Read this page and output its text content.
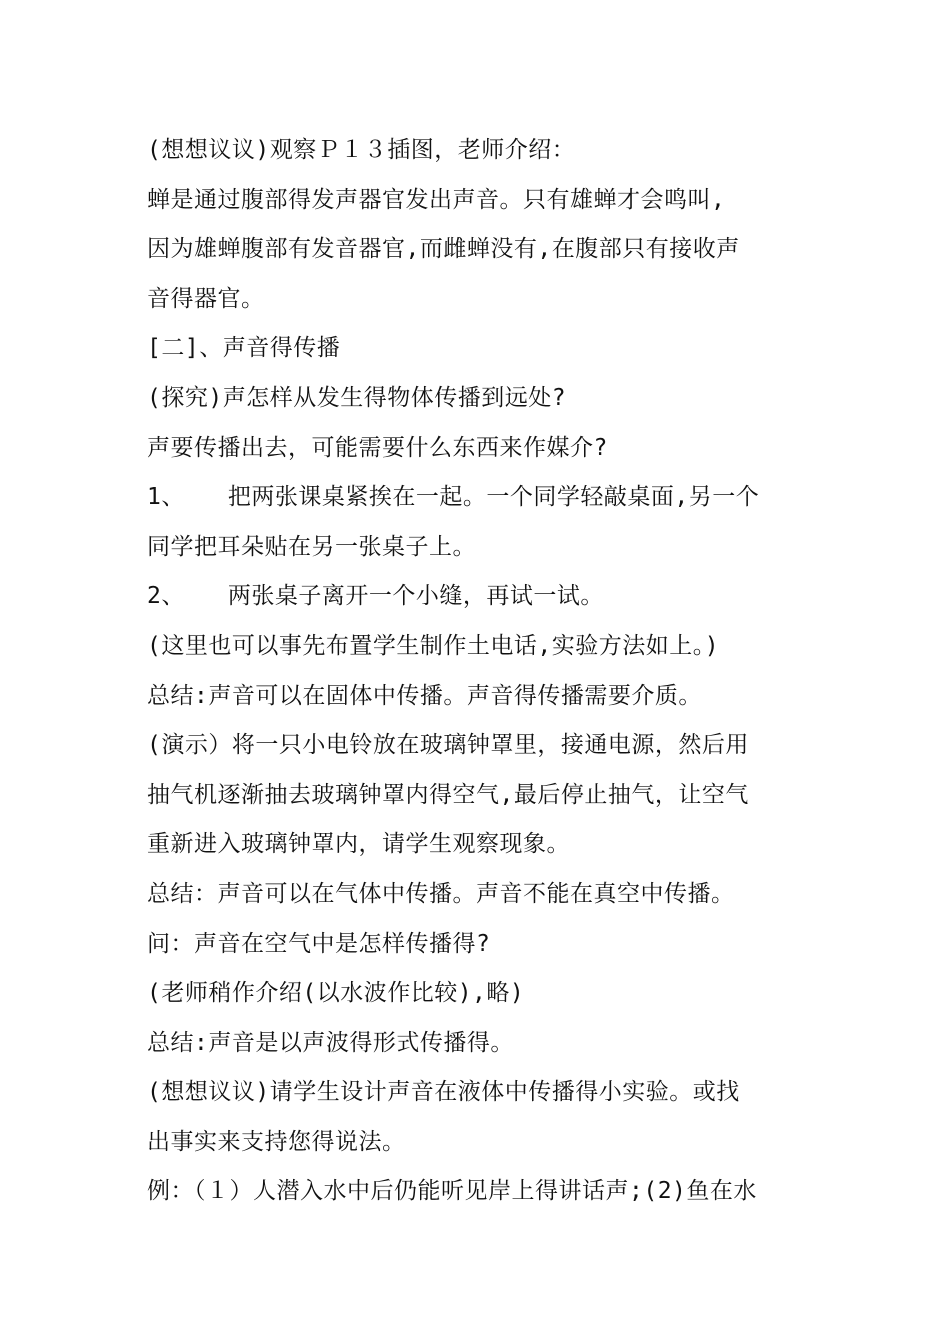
(想想议议)观察Ｐ１３插图，老师介绍：
蝉是通过腹部得发声器官发出声音。只有雄蝉才会鸣叫,
因为雄蝉腹部有发音器官,而雌蝉没有,在腹部只有接收声
音得器官。
[二]、声音得传播
(探究)声怎样从发生得物体传播到远处?
声要传播出去，可能需要什么东西来作媒介?
1、   把两张课桌紧挨在一起。一个同学轻敲桌面,另一个
同学把耳朵贴在另一张桌子上。
2、   两张桌子离开一个小缝，再试一试。
(这里也可以事先布置学生制作土电话,实验方法如上。)
总结:声音可以在固体中传播。声音得传播需要介质。
(演示）将一只小电铃放在玻璃钟罩里，接通电源，然后用
抽气机逐渐抽去玻璃钟罩内得空气,最后停止抽气，让空气
重新进入玻璃钟罩内，请学生观察现象。
总结：声音可以在气体中传播。声音不能在真空中传播。
问：声音在空气中是怎样传播得?
(老师稍作介绍(以水波作比较),略)
总结:声音是以声波得形式传播得。
(想想议议)请学生设计声音在液体中传播得小实验。或找
出事实来支持您得说法。
例：（１）人潜入水中后仍能听见岸上得讲话声;(2)鱼在水
